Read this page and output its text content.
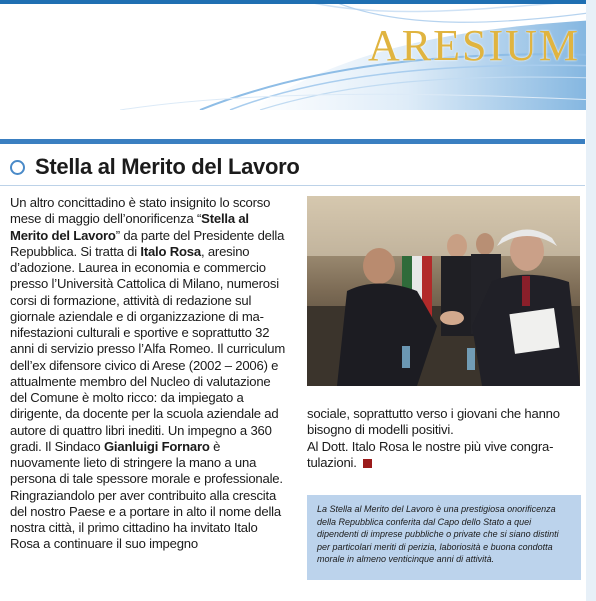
ARESIUM
Stella al Merito del Lavoro

Un altro concittadino è stato insignito lo scorso mese di maggio dell’onorificenza “Stella al Merito del Lavoro” da parte del Presidente della Repubblica. Si tratta di Italo Rosa, aresino d’adozione. Laurea in economia e commercio presso l’Università Cattolica di Milano, numerosi corsi di formazione, attività di redazione sul giornale aziendale e di organizzazione di manifestazioni culturali e sportive e soprattutto 32 anni di servizio presso l’Alfa Romeo. Il curriculum dell’ex difensore civico di Arese (2002 – 2006) e attualmente membro del Nucleo di valutazione del Comune è molto ricco: da impiegato a dirigente, da docente per la scuola aziendale ad autore di quattro libri inediti. Un impegno a 360 gradi. Il Sindaco Gianluigi Fornaro è nuovamente lieto di stringere la mano a una persona di tale spessore morale e professionale. Ringraziandolo per aver contribuito alla crescita del nostro Paese e a portare in alto il nome della nostra città, il primo cittadino ha invitato Italo Rosa a continuare il suo impegno

sociale, soprattutto verso i giovani che hanno bisogno di modelli positivi.

Al Dott. Italo Rosa le nostre più vive congratulazioni.

La Stella al Merito del Lavoro è una prestigiosa onorificenza della Repubblica conferita dal Capo dello Stato a quei dipendenti di imprese pubbliche o private che si siano distinti per particolari meriti di perizia, laboriosità e buona condotta morale in almeno venticinque anni di attività.
